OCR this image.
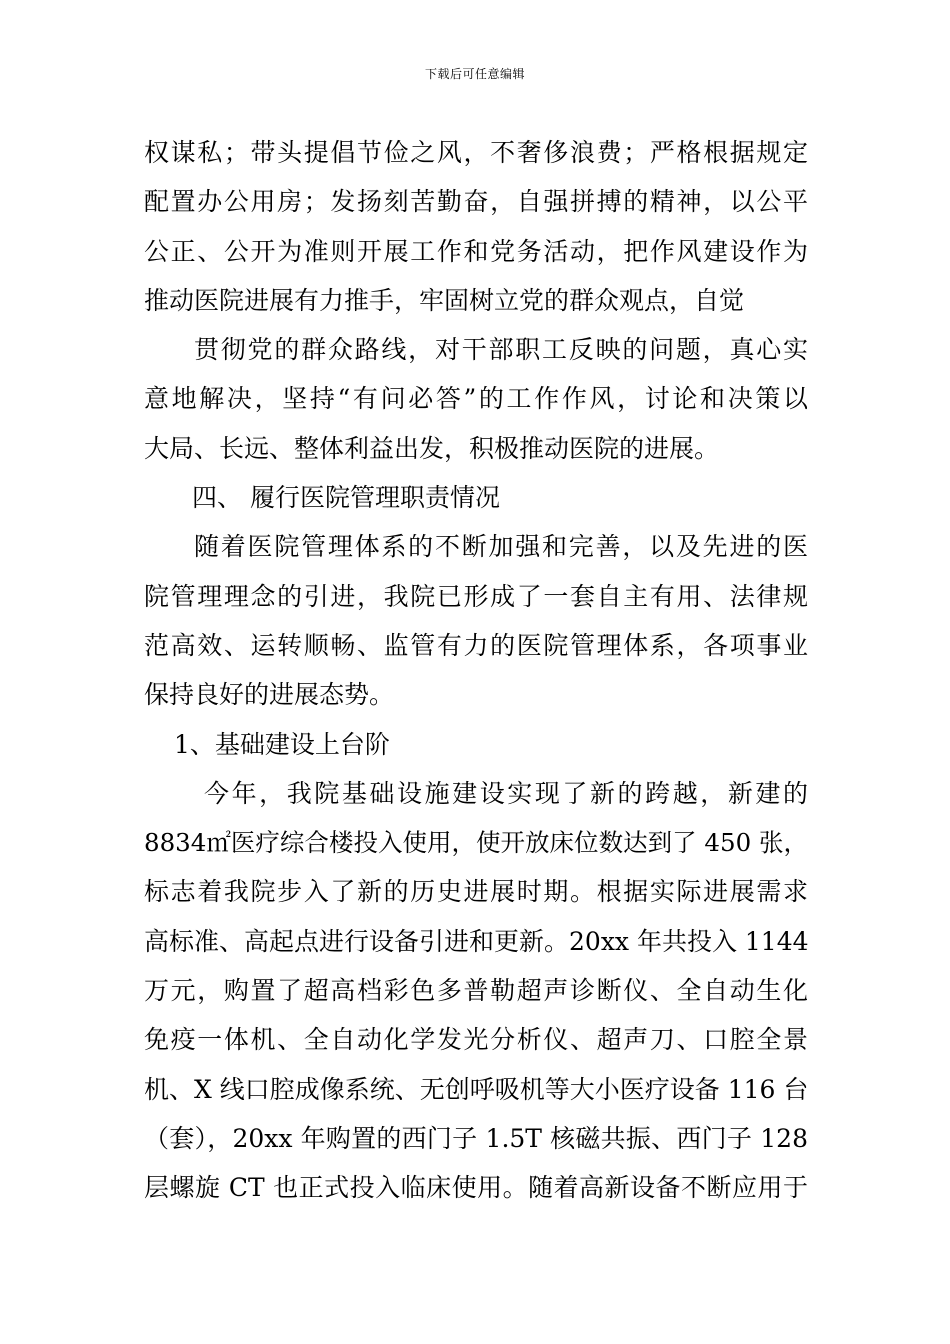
下载后可任意编辑
权谋私；带头提倡节俭之风，不奢侈浪费；严格根据规定
配置办公用房；发扬刻苦勤奋，自强拼搏的精神，以公平
公正、公开为准则开展工作和党务活动，把作风建设作为
推动医院进展有力推手，牢固树立党的群众观点，自觉
贯彻党的群众路线，对干部职工反映的问题，真心实
意地解决，坚持“有问必答”的工作作风，讨论和决策以
大局、长远、整体利益出发，积极推动医院的进展。
四、 履行医院管理职责情况
随着医院管理体系的不断加强和完善，以及先进的医
院管理理念的引进，我院已形成了一套自主有用、法律规
范高效、运转顺畅、监管有力的医院管理体系，各项事业
保持良好的进展态势。
1、基础建设上台阶
今年，我院基础设施建设实现了新的跨越，新建的
8834㎡医疗综合楼投入使用，使开放床位数达到了 450 张，
标志着我院步入了新的历史进展时期。根据实际进展需求
高标准、高起点进行设备引进和更新。20xx 年共投入 1144
万元，购置了超高档彩色多普勒超声诊断仪、全自动生化
免疫一体机、全自动化学发光分析仪、超声刀、口腔全景
机、X 线口腔成像系统、无创呼吸机等大小医疗设备 116 台
（套），20xx 年购置的西门子 1.5T 核磁共振、西门子 128
层螺旋 CT 也正式投入临床使用。随着高新设备不断应用于
